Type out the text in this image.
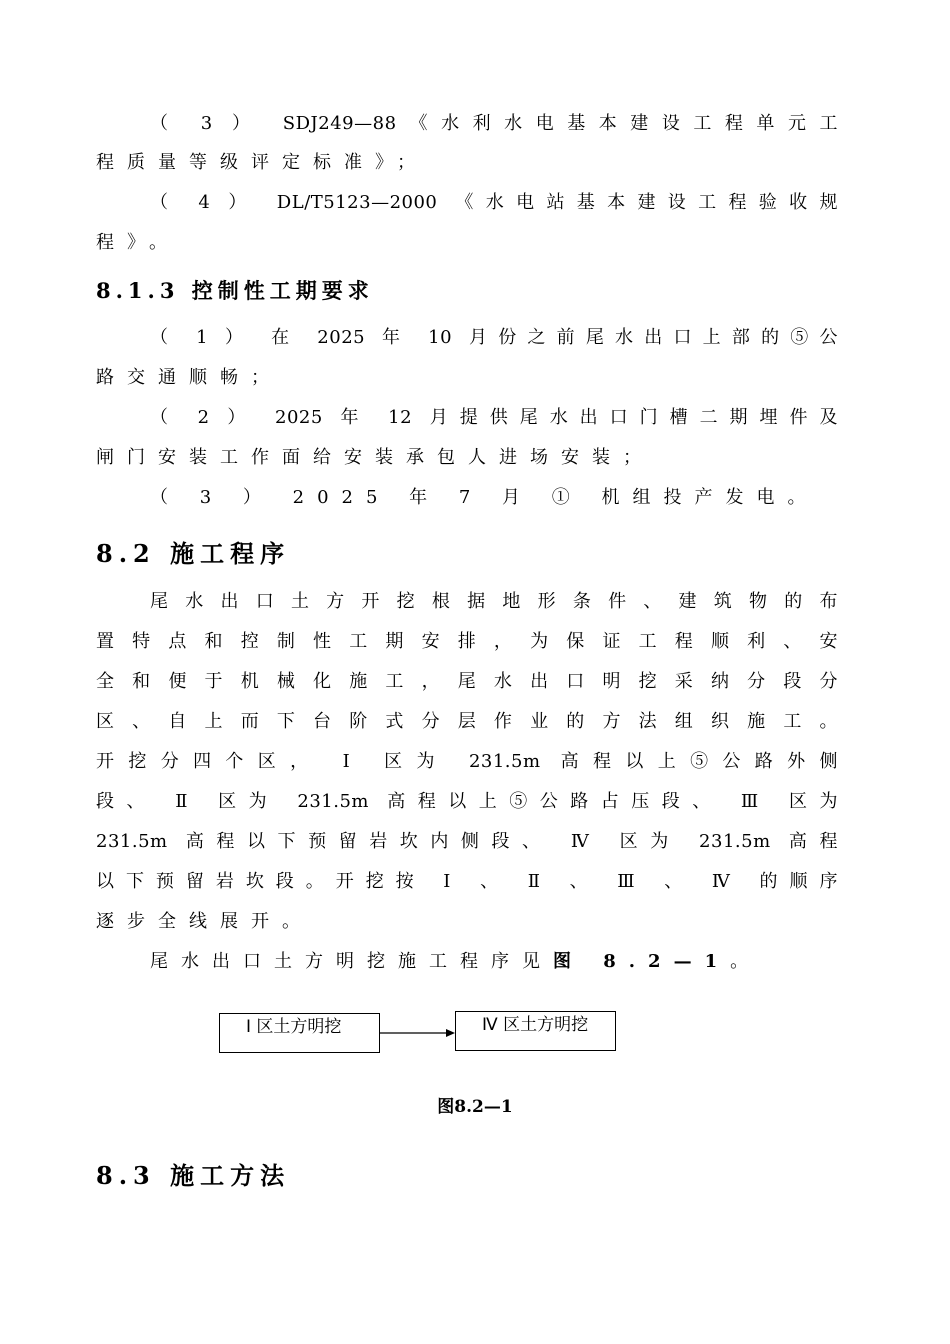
（ 3 ） SDJ249—88《水利水电基本建设工程单元工
程质量等级评定标准》；
（ 4 ） DL/T5123—2000 《水电站基本建设工程验收规
程》。
8.1.3 控制性工期要求
（ 1 ） 在 2025 年 10 月份之前尾水出口上部的⑤公
路交通顺畅；
（ 2 ） 2025 年 12 月提供尾水出口门槽二期埋件及
闸门安装工作面给安装承包人进场安装；
（ 3 ） 2025 年 7 月 ① 机组投产发电。
8.2 施工程序
尾水出口土方开挖根据地形条件、建筑物的布
置特点和控制性工期安排，为保证工程顺利、安
全和便于机械化施工，尾水出口明挖采纳分段分
区、自上而下台阶式分层作业的方法组织施工。
开挖分四个区， Ⅰ 区为 231.5m 高程以上⑤公路外侧
段、 Ⅱ 区为 231.5m 高程以上⑤公路占压段、 Ⅲ 区为
231.5m 高程以下预留岩坎内侧段、 Ⅳ 区为 231.5m 高程
以下预留岩坎段。开挖按 Ⅰ 、 Ⅱ 、 Ⅲ 、 Ⅳ 的顺序
逐步全线展开。
尾水出口土方明挖施工程序见图 8.2—1。
Ⅰ 区土方明挖	Ⅳ 区土方明挖
图8.2—1
8.3 施工方法
